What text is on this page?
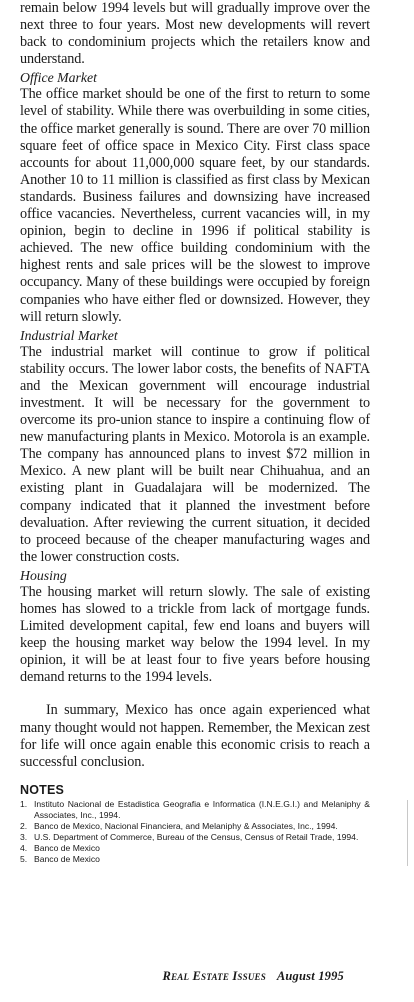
remain below 1994 levels but will gradually improve over the next three to four years. Most new developments will revert back to condominium projects which the retailers know and understand.

Office Market

The office market should be one of the first to return to some level of stability. While there was overbuilding in some cities, the office market generally is sound. There are over 70 million square feet of office space in Mexico City. First class space accounts for about 11,000,000 square feet, by our standards. Another 10 to 11 million is classified as first class by Mexican standards. Business failures and downsizing have increased office vacancies. Nevertheless, current vacancies will, in my opinion, begin to decline in 1996 if political stability is achieved. The new office building condominium with the highest rents and sale prices will be the slowest to improve occupancy. Many of these buildings were occupied by foreign companies who have either fled or downsized. However, they will return slowly.

Industrial Market

The industrial market will continue to grow if political stability occurs. The lower labor costs, the benefits of NAFTA and the Mexican government will encourage industrial investment. It will be necessary for the government to overcome its pro-union stance to inspire a continuing flow of new manufacturing plants in Mexico. Motorola is an example. The company has announced plans to invest $72 million in Mexico. A new plant will be built near Chihuahua, and an existing plant in Guadalajara will be modernized. The company indicated that it planned the investment before devaluation. After reviewing the current situation, it decided to proceed because of the cheaper manufacturing wages and the lower construction costs.

Housing

The housing market will return slowly. The sale of existing homes has slowed to a trickle from lack of mortgage funds. Limited development capital, few end loans and buyers will keep the housing market way below the 1994 level. In my opinion, it will be at least four to five years before housing demand returns to the 1994 levels.

In summary, Mexico has once again experienced what many thought would not happen. Remember, the Mexican zest for life will once again enable this economic crisis to reach a successful conclusion.

NOTES
1. Instituto Nacional de Estadistica Geografia e Informatica (I.N.E.G.I.) and Melaniphy & Associates, Inc., 1994.
2. Banco de Mexico, Nacional Financiera, and Melaniphy & Associates, Inc., 1994.
3. U.S. Department of Commerce, Bureau of the Census, Census of Retail Trade, 1994.
4. Banco de Mexico
5. Banco de Mexico
Real Estate Issues August 1995
